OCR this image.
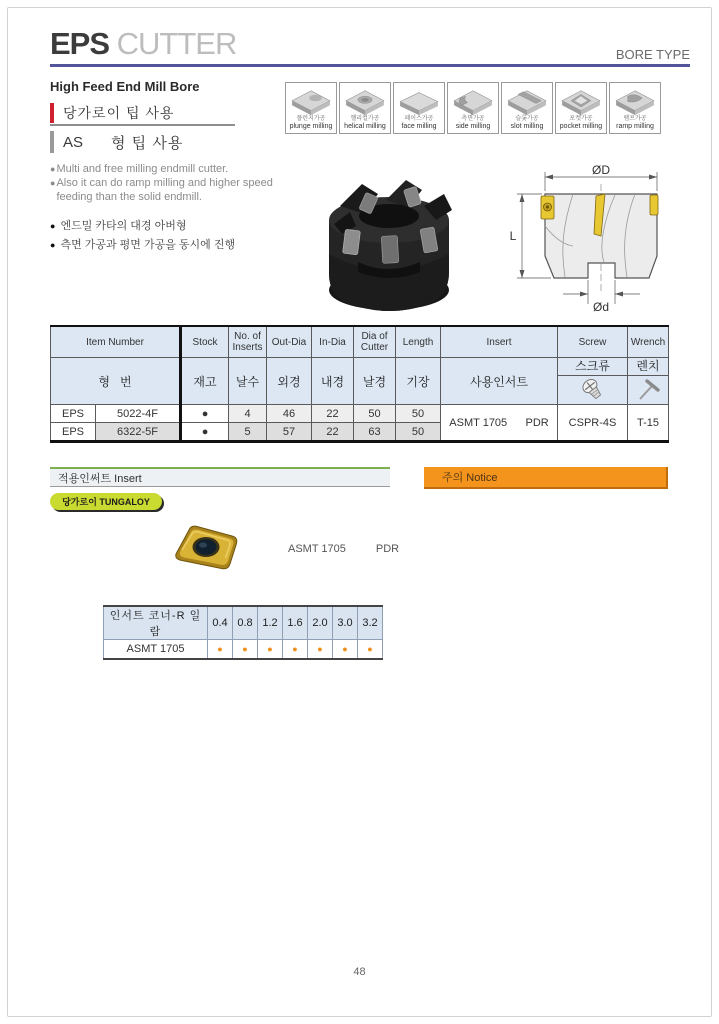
EPS CUTTER	BORE TYPE
High Feed End Mill Bore
플런지가공
plunge milling
헬리컬가공
helical milling
페이스가공
face milling
측면가공
side milling
슬롯가공
slot milling
포켓가공
pocket milling
램프가공
ramp milling
당가로이 팁 사용
AS 형 팁 사용
● Multi and free milling endmill cutter.
● Also it can do ramp milling and higher speed feeding than the solid endmill.
● 엔드밀 카타의 대경 아버형
● 측면 가공과 평면 가공을 동시에 진행
ØD
L
Ød
Item Number		Stock	No. of Inserts	Out-Dia	In-Dia	Dia of Cutter	Length	Insert	Screw	Wrench
형   번		재고	날수	외경	내경	날경	기장	사용인서트	스크류	렌치

EPS	5022-4F	●	4	46	22	50	50	ASMT 1705      PDR	CSPR-4S	T-15
EPS	6322-5F	●	5	57	22	63	50			
적용인써트 Insert
당가로이 TUNGALOY
주의 Notice
ASMT 1705	PDR
인서트 코너-R 일람	0.4	0.8	1.2	1.6	2.0	3.0	3.2
ASMT 1705	●	●	●	●	●	●	●
48
